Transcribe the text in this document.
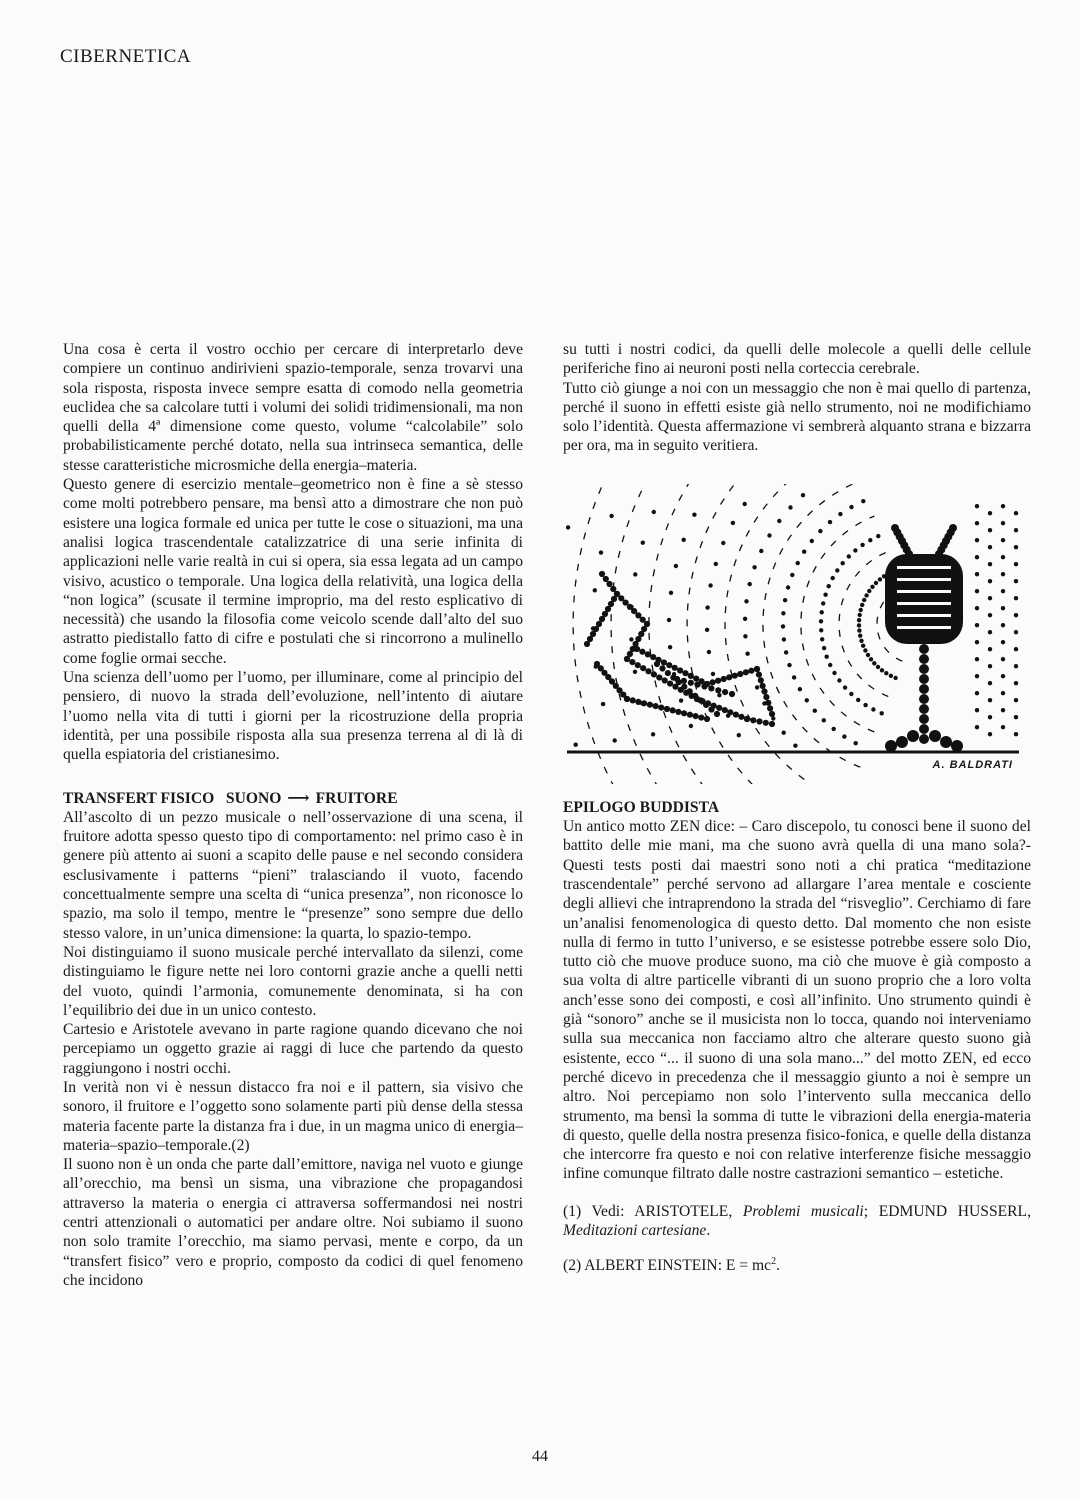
CIBERNETICA

Una cosa è certa il vostro occhio per cercare di interpretarlo deve compiere un continuo andirivieni spazio-temporale, senza trovarvi una sola risposta, risposta invece sempre esatta di comodo nella geometria euclidea che sa calcolare tutti i volumi dei solidi tridimensionali, ma non quelli della 4ª dimensione come questo, volume “calcolabile” solo probabilisticamente perché dotato, nella sua intrinseca semantica, delle stesse caratteristiche microsmiche della energia–materia.

Questo genere di esercizio mentale–geometrico non è fine a sè stesso come molti potrebbero pensare, ma bensì atto a dimostrare che non può esistere una logica formale ed unica per tutte le cose o situazioni, ma una analisi logica trascendentale catalizzatrice di una serie infinita di applicazioni nelle varie realtà in cui si opera, sia essa legata ad un campo visivo, acustico o temporale. Una logica della relatività, una logica della “non logica” (scusate il termine improprio, ma del resto esplicativo di necessità) che usando la filosofia come veicolo scende dall’alto del suo astratto piedistallo fatto di cifre e postulati che si rincorrono a mulinello come foglie ormai secche.

Una scienza dell’uomo per l’uomo, per illuminare, come al principio del pensiero, di nuovo la strada dell’evoluzione, nell’intento di aiutare l’uomo nella vita di tutti i giorni per la ricostruzione della propria identità, per una possibile risposta alla sua presenza terrena al di là di quella espiatoria del cristianesimo.

TRANSFERT FISICO   SUONO ⟶ FRUITORE

All’ascolto di un pezzo musicale o nell’osservazione di una scena, il fruitore adotta spesso questo tipo di comportamento: nel primo caso è in genere più attento ai suoni a scapito delle pause e nel secondo considera esclusivamente i patterns “pieni” tralasciando il vuoto, facendo concettualmente sempre una scelta di “unica presenza”, non riconosce lo spazio, ma solo il tempo, mentre le “presenze” sono sempre due dello stesso valore, in un’unica dimensione: la quarta, lo spazio-tempo.

Noi distinguiamo il suono musicale perché intervallato da silenzi, come distinguiamo le figure nette nei loro contorni grazie anche a quelli netti del vuoto, quindi l’armonia, comunemente denominata, si ha con l’equilibrio dei due in un unico contesto.

Cartesio e Aristotele avevano in parte ragione quando dicevano che noi percepiamo un oggetto grazie ai raggi di luce che partendo da questo raggiungono i nostri occhi.

In verità non vi è nessun distacco fra noi e il pattern, sia visivo che sonoro, il fruitore e l’oggetto sono solamente parti più dense della stessa materia facente parte la distanza fra i due, in un magma unico di energia–materia–spazio–temporale.(2)

Il suono non è un onda che parte dall’emittore, naviga nel vuoto e giunge all’orecchio, ma bensì un sisma, una vibrazione che propagandosi attraverso la materia o energia ci attraversa soffermandosi nei nostri centri attenzionali o automatici per andare oltre. Noi subiamo il suono non solo tramite l’orecchio, ma siamo pervasi, mente e corpo, da un “transfert fisico” vero e proprio, composto da codici di quel fenomeno che incidono

su tutti i nostri codici, da quelli delle molecole a quelli delle cellule periferiche fino ai neuroni posti nella corteccia cerebrale.

Tutto ciò giunge a noi con un messaggio che non è mai quello di partenza, perché il suono in effetti esiste già nello strumento, noi ne modifichiamo solo l’identità. Questa affermazione vi sembrerà alquanto strana e bizzarra per ora, ma in seguito veritiera.

A. BALDRATI
EPILOGO BUDDISTA

Un antico motto ZEN dice: – Caro discepolo, tu conosci bene il suono del battito delle mie mani, ma che suono avrà quella di una mano sola?- Questi tests posti dai maestri sono noti a chi pratica “meditazione trascendentale” perché servono ad allargare l’area mentale e cosciente degli allievi che intraprendono la strada del “risveglio”. Cerchiamo di fare un’analisi fenomenologica di questo detto. Dal momento che non esiste nulla di fermo in tutto l’universo, e se esistesse potrebbe essere solo Dio, tutto ciò che muove produce suono, ma ciò che muove è già composto a sua volta di altre particelle vibranti di un suono proprio che a loro volta anch’esse sono dei composti, e così all’infinito. Uno strumento quindi è già “sonoro” anche se il musicista non lo tocca, quando noi interveniamo sulla sua meccanica non facciamo altro che alterare questo suono già esistente, ecco “... il suono di una sola mano...” del motto ZEN, ed ecco perché dicevo in precedenza che il messaggio giunto a noi è sempre un altro. Noi percepiamo non solo l’intervento sulla meccanica dello strumento, ma bensì la somma di tutte le vibrazioni della energia-materia di questo, quelle della nostra presenza fisico-fonica, e quelle della distanza che intercorre fra questo e noi con relative interferenze fisiche messaggio infine comunque filtrato dalle nostre castrazioni semantico – estetiche.

(1) Vedi: ARISTOTELE, Problemi musicali; EDMUND HUSSERL, Meditazioni cartesiane.

(2) ALBERT EINSTEIN: $E = mc^2$.

44
